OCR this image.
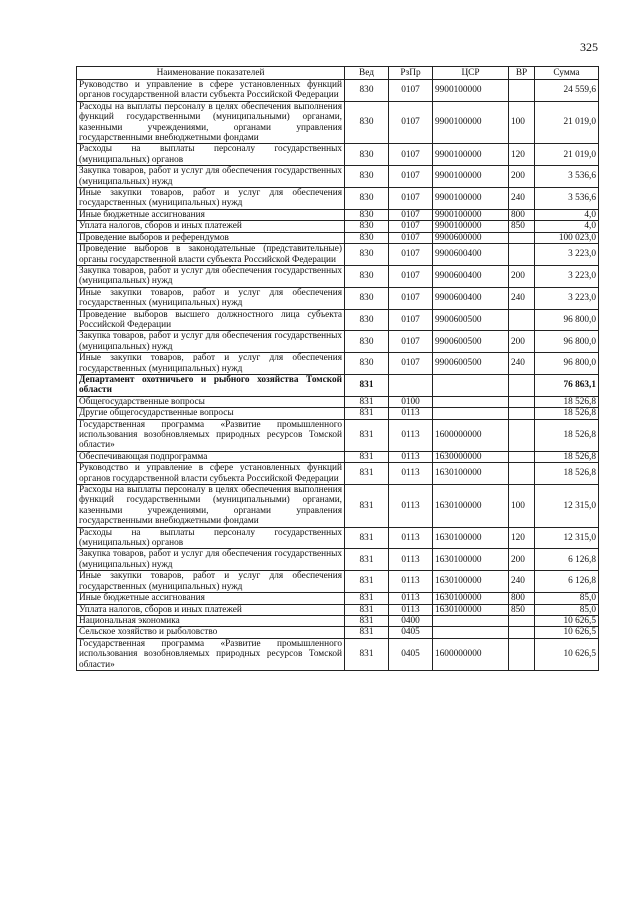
325
Наименование показателей	Вед	РзПр	ЦСР	ВР	Сумма
Руководство и управление в сфере установленных функций органов государственной власти субъекта Российской Федерации	830	0107	9900100000		24 559,6
Расходы на выплаты персоналу в целях обеспечения выполнения функций государственными (муниципальными) органами, казенными учреждениями, органами управления государственными внебюджетными фондами	830	0107	9900100000	100	21 019,0
Расходы на выплаты персоналу государственных (муниципальных) органов	830	0107	9900100000	120	21 019,0
Закупка товаров, работ и услуг для обеспечения государственных (муниципальных) нужд	830	0107	9900100000	200	3 536,6
Иные закупки товаров, работ и услуг для обеспечения государственных (муниципальных) нужд	830	0107	9900100000	240	3 536,6
Иные бюджетные ассигнования	830	0107	9900100000	800	4,0
Уплата налогов, сборов и иных платежей	830	0107	9900100000	850	4,0
Проведение выборов и референдумов	830	0107	9900600000		100 023,0
Проведение выборов в законодательные (представительные) органы государственной власти субъекта Российской Федерации	830	0107	9900600400		3 223,0
Закупка товаров, работ и услуг для обеспечения государственных (муниципальных) нужд	830	0107	9900600400	200	3 223,0
Иные закупки товаров, работ и услуг для обеспечения государственных (муниципальных) нужд	830	0107	9900600400	240	3 223,0
Проведение выборов высшего должностного лица субъекта Российской Федерации	830	0107	9900600500		96 800,0
Закупка товаров, работ и услуг для обеспечения государственных (муниципальных) нужд	830	0107	9900600500	200	96 800,0
Иные закупки товаров, работ и услуг для обеспечения государственных (муниципальных) нужд	830	0107	9900600500	240	96 800,0
Департамент охотничьего и рыбного хозяйства Томской области	831				76 863,1
Общегосударственные вопросы	831	0100			18 526,8
Другие общегосударственные вопросы	831	0113			18 526,8
Государственная программа «Развитие промышленного использования возобновляемых природных ресурсов Томской области»	831	0113	1600000000		18 526,8
Обеспечивающая подпрограмма	831	0113	1630000000		18 526,8
Руководство и управление в сфере установленных функций органов государственной власти субъекта Российской Федерации	831	0113	1630100000		18 526,8
Расходы на выплаты персоналу в целях обеспечения выполнения функций государственными (муниципальными) органами, казенными учреждениями, органами управления государственными внебюджетными фондами	831	0113	1630100000	100	12 315,0
Расходы на выплаты персоналу государственных (муниципальных) органов	831	0113	1630100000	120	12 315,0
Закупка товаров, работ и услуг для обеспечения государственных (муниципальных) нужд	831	0113	1630100000	200	6 126,8
Иные закупки товаров, работ и услуг для обеспечения государственных (муниципальных) нужд	831	0113	1630100000	240	6 126,8
Иные бюджетные ассигнования	831	0113	1630100000	800	85,0
Уплата налогов, сборов и иных платежей	831	0113	1630100000	850	85,0
Национальная экономика	831	0400			10 626,5
Сельское хозяйство и рыболовство	831	0405			10 626,5
Государственная программа «Развитие промышленного использования возобновляемых природных ресурсов Томской области»	831	0405	1600000000		10 626,5
